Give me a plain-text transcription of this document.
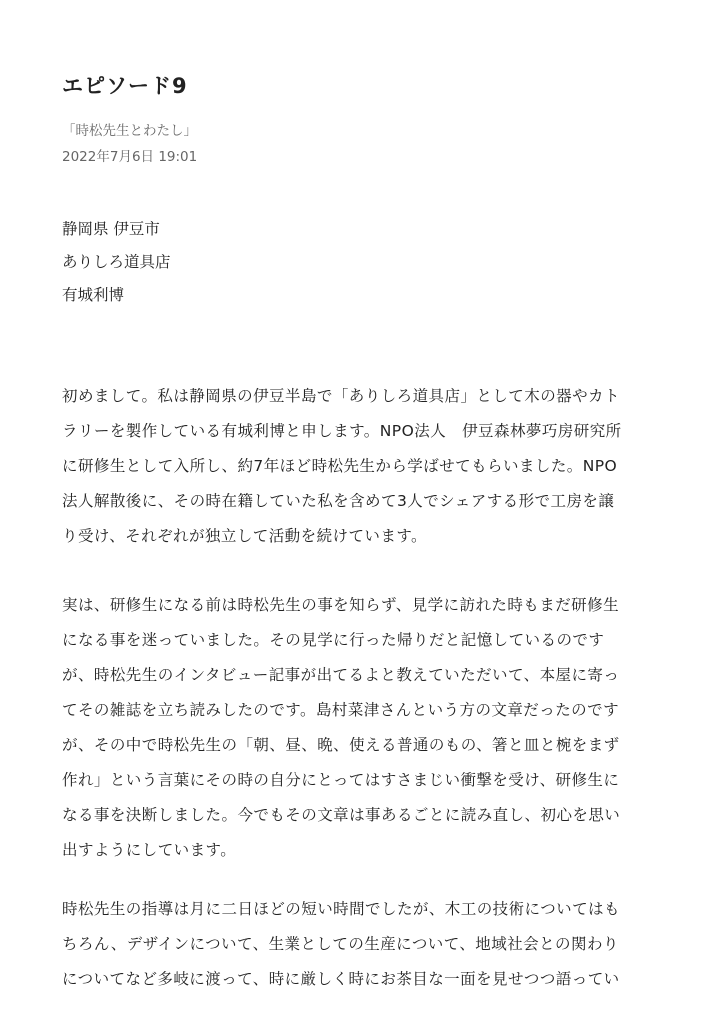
エピソード9
「時松先生とわたし」
2022年7月6日 19:01
静岡県 伊豆市
ありしろ道具店
有城利博

初めまして。私は静岡県の伊豆半島で「ありしろ道具店」として木の器やカト
ラリーを製作している有城利博と申します。NPO法人　伊豆森林夢巧房研究所
に研修生として入所し、約7年ほど時松先生から学ばせてもらいました。NPO
法人解散後に、その時在籍していた私を含めて3人でシェアする形で工房を譲
り受け、それぞれが独立して活動を続けています。

実は、研修生になる前は時松先生の事を知らず、見学に訪れた時もまだ研修生
になる事を迷っていました。その見学に行った帰りだと記憶しているのです
が、時松先生のインタビュー記事が出てるよと教えていただいて、本屋に寄っ
てその雑誌を立ち読みしたのです。島村菜津さんという方の文章だったのです
が、その中で時松先生の「朝、昼、晩、使える普通のもの、箸と皿と椀をまず
作れ」という言葉にその時の自分にとってはすさまじい衝撃を受け、研修生に
なる事を決断しました。今でもその文章は事あるごとに読み直し、初心を思い
出すようにしています。

時松先生の指導は月に二日ほどの短い時間でしたが、木工の技術についてはも
ちろん、デザインについて、生業としての生産について、地域社会との関わり
についてなど多岐に渡って、時に厳しく時にお茶目な一面を見せつつ語ってい
